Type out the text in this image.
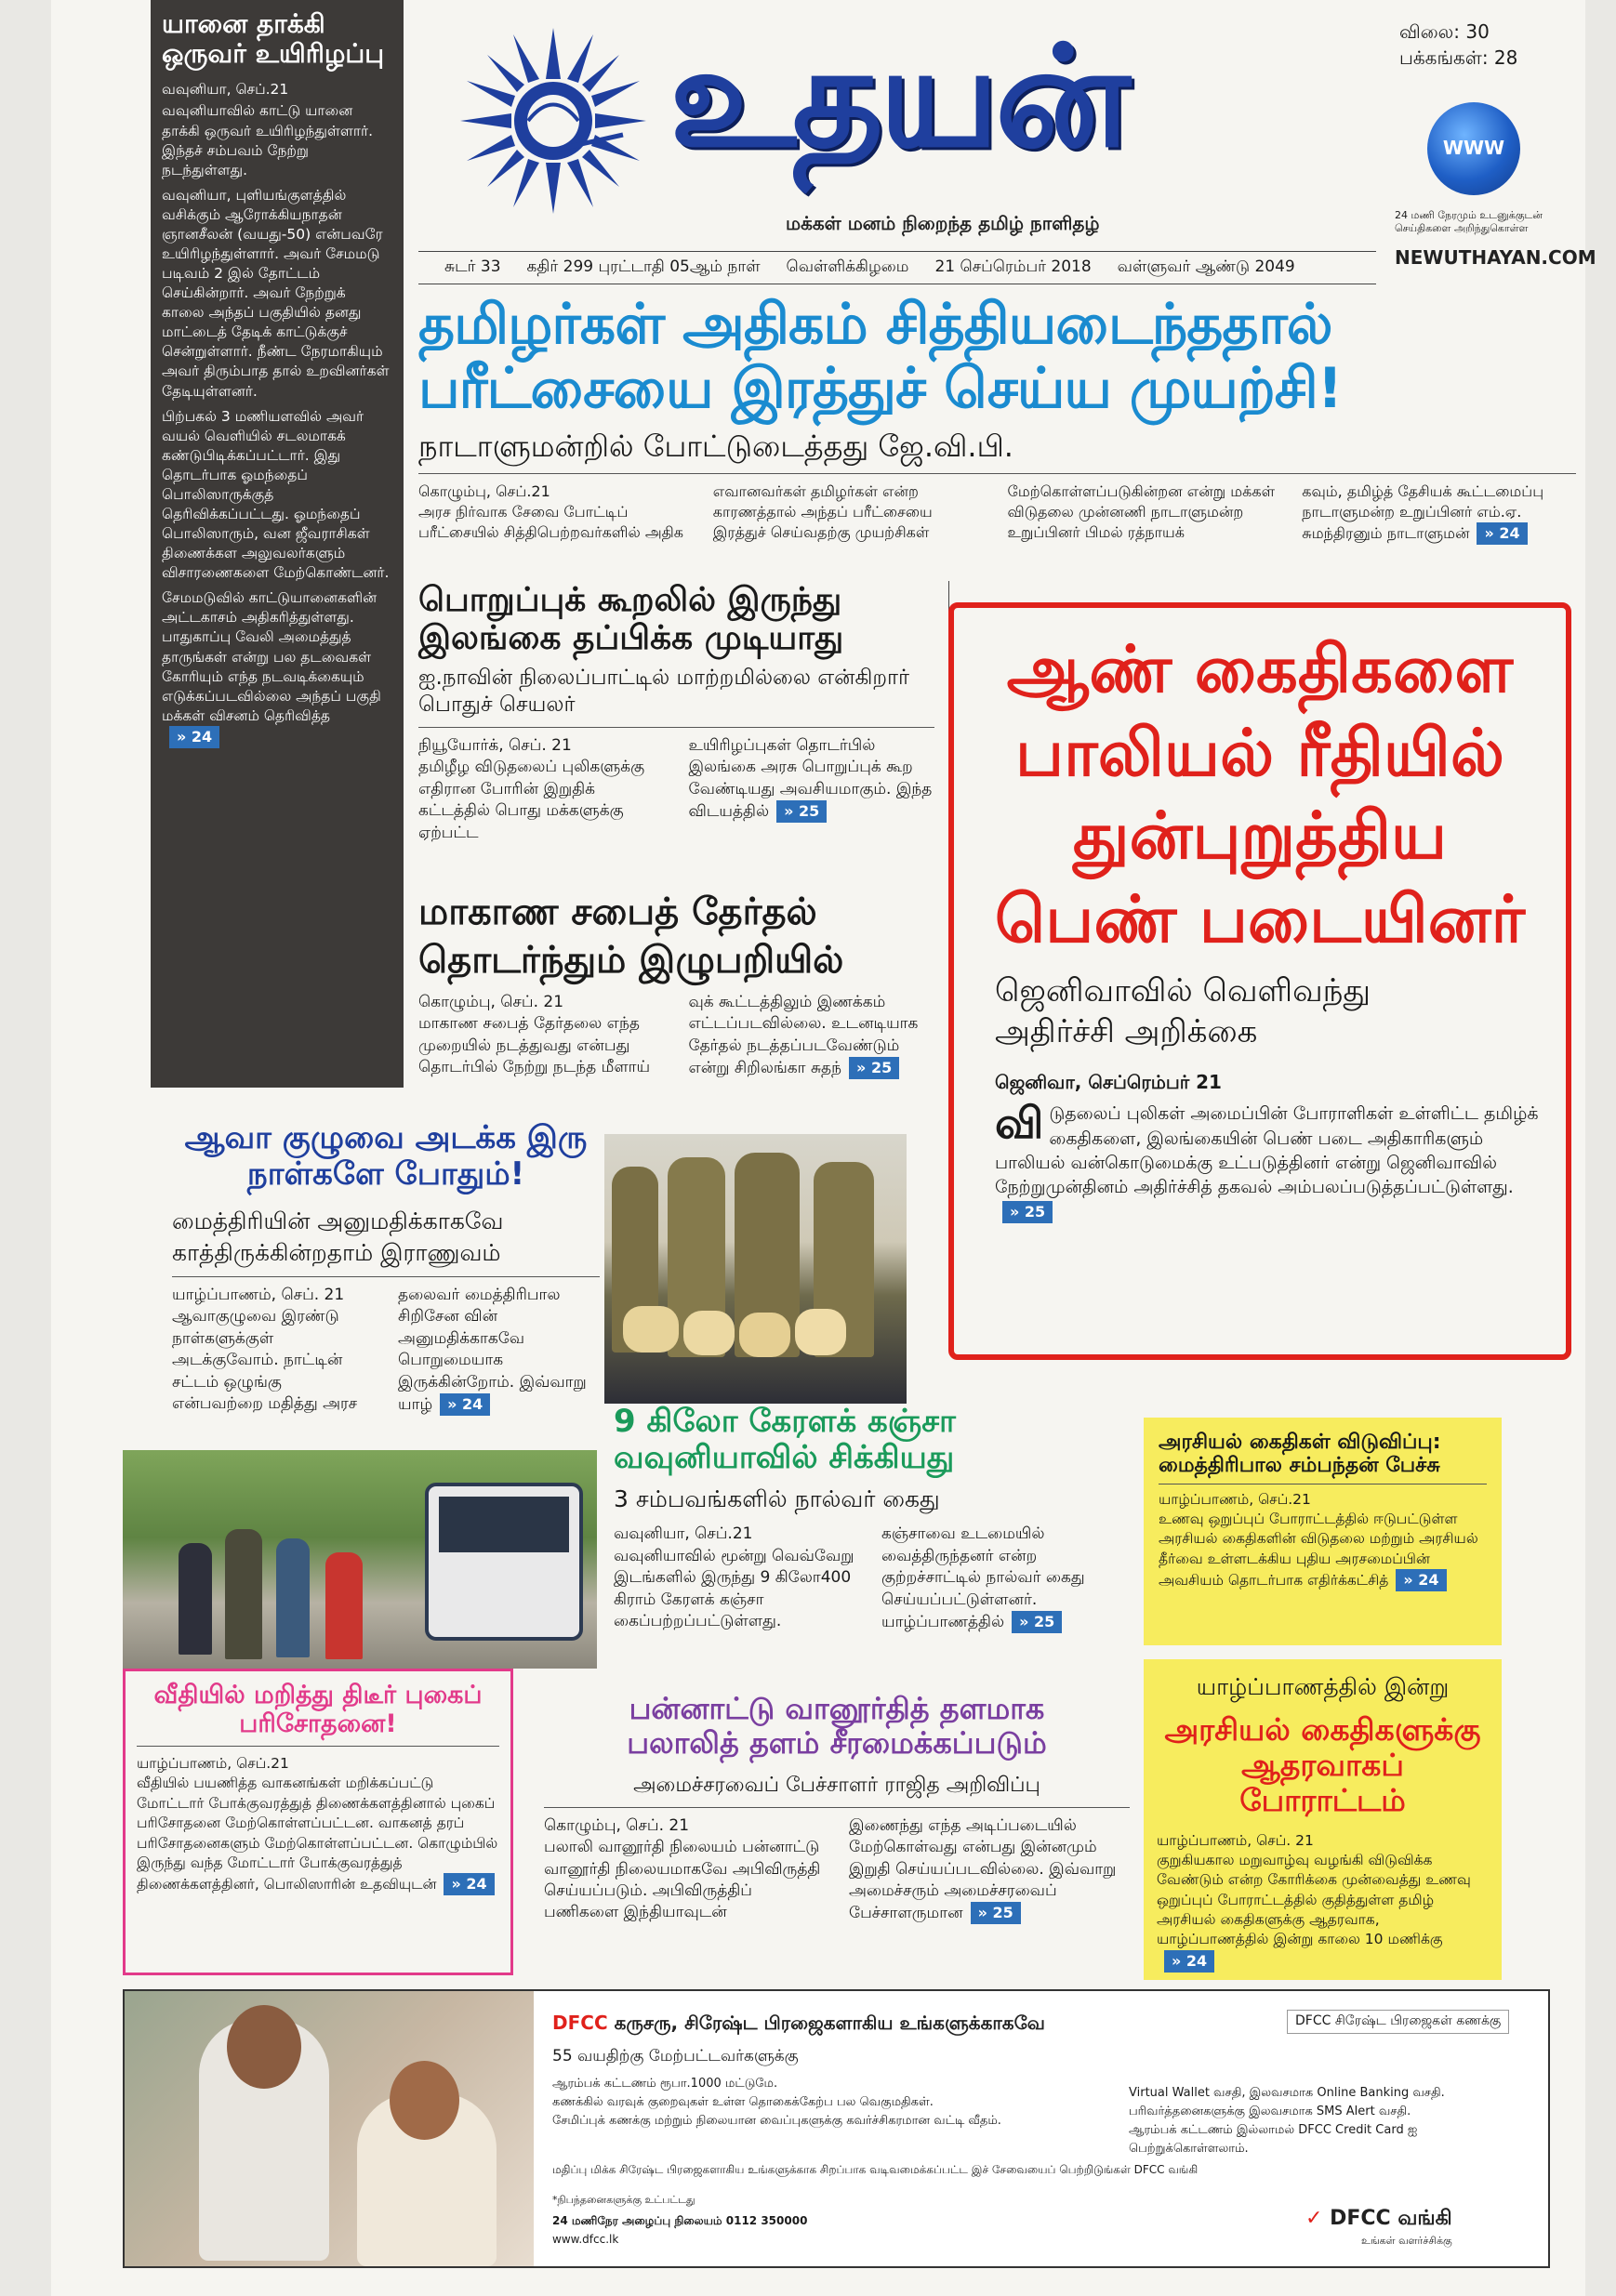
யானை தாக்கி ஒருவர் உயிரிழப்பு

வவுனியா, செப்.21

வவுனியாவில் காட்டு யானை தாக்கி ஒருவர் உயிரிழந்துள்ளார். இந்தச் சம்பவம் நேற்று நடந்துள்ளது.

வவுனியா, புளியங்குளத்தில் வசிக்கும் ஆரோக்கியநாதன் ஞானசீலன் (வயது-50) என்பவரே உயிரிழந்துள்ளார். அவர் சேமமடு படிவம் 2 இல் தோட்டம் செய்கின்றார். அவர் நேற்றுக் காலை அந்தப் பகுதியில் தனது மாட்டைத் தேடிக் காட்டுக்குச் சென்றுள்ளார். நீண்ட நேரமாகியும் அவர் திரும்பாத தால் உறவினர்கள் தேடியுள்ளனர்.

பிற்பகல் 3 மணியளவில் அவர் வயல் வெளியில் சடலமாகக் கண்டுபிடிக்கப்பட்டார். இது தொடர்பாக ஓமந்தைப் பொலிஸாருக்குத் தெரிவிக்கப்பட்டது. ஓமந்தைப் பொலிஸாரும், வன ஜீவராசிகள் திணைக்கள அலுவலர்களும் விசாரணைகளை மேற்கொண்டனர்.

சேமமடுவில் காட்டுயானைகளின் அட்டகாசம் அதிகரித்துள்ளது. பாதுகாப்பு வேலி அமைத்துத் தாருங்கள் என்று பல தடவைகள் கோரியும் எந்த நடவடிக்கையும் எடுக்கப்படவில்லை அந்தப் பகுதி மக்கள் விசனம் தெரிவித்த

» 24
உதயன்
மக்கள் மனம் நிறைந்த தமிழ் நாளிதழ்
விலை: 30
பக்கங்கள்: 28
WWW
24 மணி நேரமும் உடனுக்குடன் செய்திகளை அறிந்துகொள்ள
NEWUTHAYAN.COM
சுடர் 33 கதிர் 299 புரட்டாதி 05ஆம் நாள் வெள்ளிக்கிழமை 21 செப்ரெம்பர் 2018 வள்ளுவர் ஆண்டு 2049
தமிழர்கள் அதிகம் சித்தியடைந்ததால்
பரீட்சையை இரத்துச் செய்ய முயற்சி!
நாடாளுமன்றில் போட்டுடைத்தது ஜே.வி.பி.
கொழும்பு, செப்.21
அரச நிர்வாக சேவை போட்டிப் பரீட்சையில் சித்திபெற்றவர்களில் அதிக
எவானவர்கள் தமிழர்கள் என்ற காரணத்தால் அந்தப் பரீட்சையை இரத்துச் செய்வதற்கு முயற்சிகள்
மேற்கொள்ளப்படுகின்றன என்று மக்கள் விடுதலை முன்னணி நாடாளுமன்ற உறுப்பினர் பிமல் ரத்நாயக்
கவும், தமிழ்த் தேசியக் கூட்டமைப்பு நாடாளுமன்ற உறுப்பினர் எம்.ஏ. சுமந்திரனும் நாடாளுமன் » 24
பொறுப்புக் கூறலில் இருந்து இலங்கை தப்பிக்க முடியாது
ஐ.நாவின் நிலைப்பாட்டில் மாற்றமில்லை என்கிறார் பொதுச் செயலர்
நியூயோர்க், செப். 21
தமிழீழ விடுதலைப் புலிகளுக்கு எதிரான போரின் இறுதிக் கட்டத்தில் பொது மக்களுக்கு ஏற்பட்ட
உயிரிழப்புகள் தொடர்பில் இலங்கை அரசு பொறுப்புக் கூற வேண்டியது அவசியமாகும். இந்த விடயத்தில் » 25
மாகாண சபைத் தேர்தல் தொடர்ந்தும் இழுபறியில்
கொழும்பு, செப். 21
மாகாண சபைத் தேர்தலை எந்த முறையில் நடத்துவது என்பது தொடர்பில் நேற்று நடந்த மீளாய்
வுக் கூட்டத்திலும் இணக்கம் எட்டப்படவில்லை. உடனடியாக தேர்தல் நடத்தப்படவேண்டும் என்று சிறிலங்கா சுதந் » 25
ஆண் கைதிகளை
பாலியல் ரீதியில்
துன்புறுத்திய
பெண் படையினர்
ஜெனிவாவில் வெளிவந்து
அதிர்ச்சி அறிக்கை
ஜெனிவா, செப்ரெம்பர் 21
விடுதலைப் புலிகள் அமைப்பின் போராளிகள் உள்ளிட்ட தமிழ்க் கைதிகளை, இலங்கையின் பெண் படை அதிகாரிகளும் பாலியல் வன்கொடுமைக்கு உட்படுத்தினர் என்று ஜெனிவாவில் நேற்றுமுன்தினம் அதிர்ச்சித் தகவல் அம்பலப்படுத்தப்பட்டுள்ளது.» 25
ஆவா குழுவை அடக்க இரு நாள்களே போதும்!
மைத்திரியின் அனுமதிக்காகவே காத்திருக்கின்றதாம் இராணுவம்
யாழ்ப்பாணம், செப். 21
ஆவாகுழுவை இரண்டு நாள்களுக்குள் அடக்குவோம். நாட்டின் சட்டம் ஒழுங்கு என்பவற்றை மதித்து அரச
தலைவர் மைத்திரிபால சிறிசேன வின் அனுமதிக்காகவே பொறுமையாக இருக்கின்றோம். இவ்வாறு யாழ் » 24	9 கிலோ கேரளக் கஞ்சா
வவுனியாவில் சிக்கியது
3 சம்பவங்களில் நால்வர் கைது
வவுனியா, செப்.21
வவுனியாவில் மூன்று வெவ்வேறு இடங்களில் இருந்து 9 கிலோ400 கிராம் கேரளக் கஞ்சா கைப்பற்றப்பட்டுள்ளது.
கஞ்சாவை உடமையில் வைத்திருந்தனர் என்ற குற்றச்சாட்டில் நால்வர் கைது செய்யப்பட்டுள்ளனர். யாழ்ப்பாணத்தில் » 25
அரசியல் கைதிகள் விடுவிப்பு:
மைத்திரிபால சம்பந்தன் பேச்சு
யாழ்ப்பாணம், செப்.21
உணவு ஒறுப்புப் போராட்டத்தில் ஈடுபட்டுள்ள அரசியல் கைதிகளின் விடுதலை மற்றும் அரசியல் தீர்வை உள்ளடக்கிய புதிய அரசமைப்பின் அவசியம் தொடர்பாக எதிர்க்கட்சித் » 24
வீதியில் மறித்து திடீர் புகைப் பரிசோதனை!
யாழ்ப்பாணம், செப்.21
வீதியில் பயணித்த வாகனங்கள் மறிக்கப்பட்டு மோட்டார் போக்குவரத்துத் திணைக்களத்தினால் புகைப் பரிசோதனை மேற்கொள்ளப்பட்டன. வாகனத் தரப் பரிசோதனைகளும் மேற்கொள்ளப்பட்டன. கொழும்பில் இருந்து வந்த மோட்டார் போக்குவரத்துத் திணைக்களத்தினர், பொலிஸாரின் உதவியுடன் » 24
பன்னாட்டு வானூர்தித் தளமாக
பலாலித் தளம் சீரமைக்கப்படும்
அமைச்சரவைப் பேச்சாளர் ராஜித அறிவிப்பு
கொழும்பு, செப். 21
பலாலி வானூர்தி நிலையம் பன்னாட்டு வானூர்தி நிலையமாகவே அபிவிருத்தி செய்யப்படும். அபிவிருத்திப் பணிகளை இந்தியாவுடன்
இணைந்து எந்த அடிப்படையில் மேற்கொள்வது என்பது இன்னமும் இறுதி செய்யப்படவில்லை. இவ்வாறு அமைச்சரும் அமைச்சரவைப் பேச்சாளருமான » 25
யாழ்ப்பாணத்தில் இன்று
அரசியல் கைதிகளுக்கு
ஆதரவாகப் போராட்டம்
யாழ்ப்பாணம், செப். 21
குறுகியகால மறுவாழ்வு வழங்கி விடுவிக்க வேண்டும் என்ற கோரிக்கை முன்வைத்து உணவு ஒறுப்புப் போராட்டத்தில் குதித்துள்ள தமிழ் அரசியல் கைதிகளுக்கு ஆதரவாக, யாழ்ப்பாணத்தில் இன்று காலை 10 மணிக்கு» 24
DFCC கருசரு, சிரேஷ்ட பிரஜைகளாகிய உங்களுக்காகவே	DFCC சிரேஷ்ட பிரஜைகள் கணக்கு
55 வயதிற்கு மேற்பட்டவர்களுக்கு
ஆரம்பக் கட்டணம் ரூபா.1000 மட்டுமே.
கணக்கில் வரவுக் குறைவுகள் உள்ள தொகைக்கேற்ப பல வெகுமதிகள்.
சேமிப்புக் கணக்கு மற்றும் நிலையான வைப்புகளுக்கு கவர்ச்சிகரமான வட்டி வீதம்.
Virtual Wallet வசதி, இலவசமாக Online Banking வசதி.
பரிவர்த்தனைகளுக்கு இலவசமாக SMS Alert வசதி.
ஆரம்பக் கட்டணம் இல்லாமல் DFCC Credit Card ஐ பெற்றுக்கொள்ளலாம்.
மதிப்பு மிக்க சிரேஷ்ட பிரஜைகளாகிய உங்களுக்காக சிறப்பாக வடிவமைக்கப்பட்ட இச் சேவையைப் பெற்றிடுங்கள் DFCC வங்கி
*நிபந்தனைகளுக்கு உட்பட்டது
24 மணிநேர அழைப்பு நிலையம் 0112 350000
www.dfcc.lk
✓ DFCC வங்கி
உங்கள் வளர்ச்சிக்கு
